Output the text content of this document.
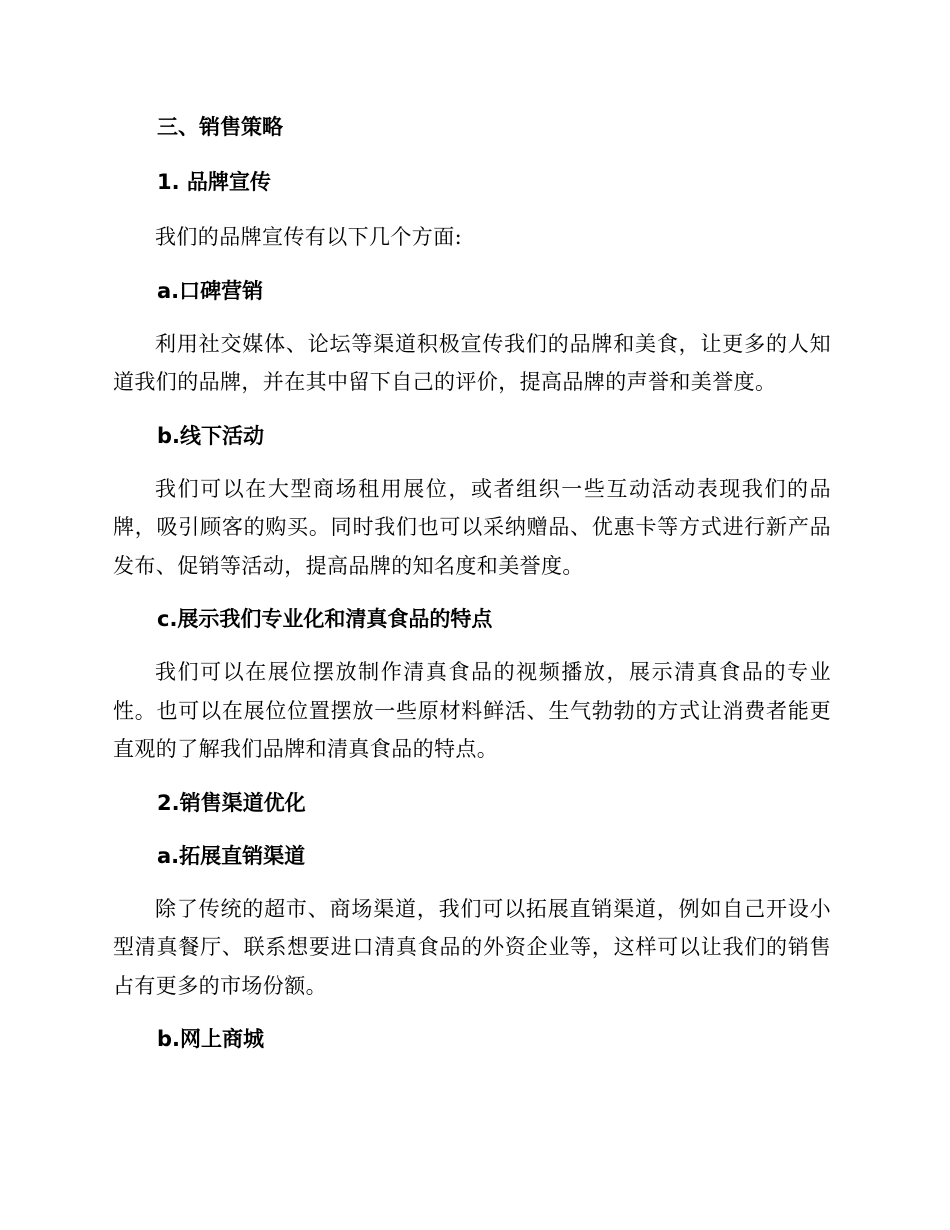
三、销售策略
1. 品牌宣传

我们的品牌宣传有以下几个方面:

a.口碑营销

利用社交媒体、论坛等渠道积极宣传我们的品牌和美食，让更多的人知道我们的品牌，并在其中留下自己的评价，提高品牌的声誉和美誉度。

b.线下活动

我们可以在大型商场租用展位，或者组织一些互动活动表现我们的品牌，吸引顾客的购买。同时我们也可以采纳赠品、优惠卡等方式进行新产品发布、促销等活动，提高品牌的知名度和美誉度。

c.展示我们专业化和清真食品的特点

我们可以在展位摆放制作清真食品的视频播放，展示清真食品的专业性。也可以在展位位置摆放一些原材料鲜活、生气勃勃的方式让消费者能更直观的了解我们品牌和清真食品的特点。

2.销售渠道优化
a.拓展直销渠道

除了传统的超市、商场渠道，我们可以拓展直销渠道，例如自己开设小型清真餐厅、联系想要进口清真食品的外资企业等，这样可以让我们的销售占有更多的市场份额。

b.网上商城
